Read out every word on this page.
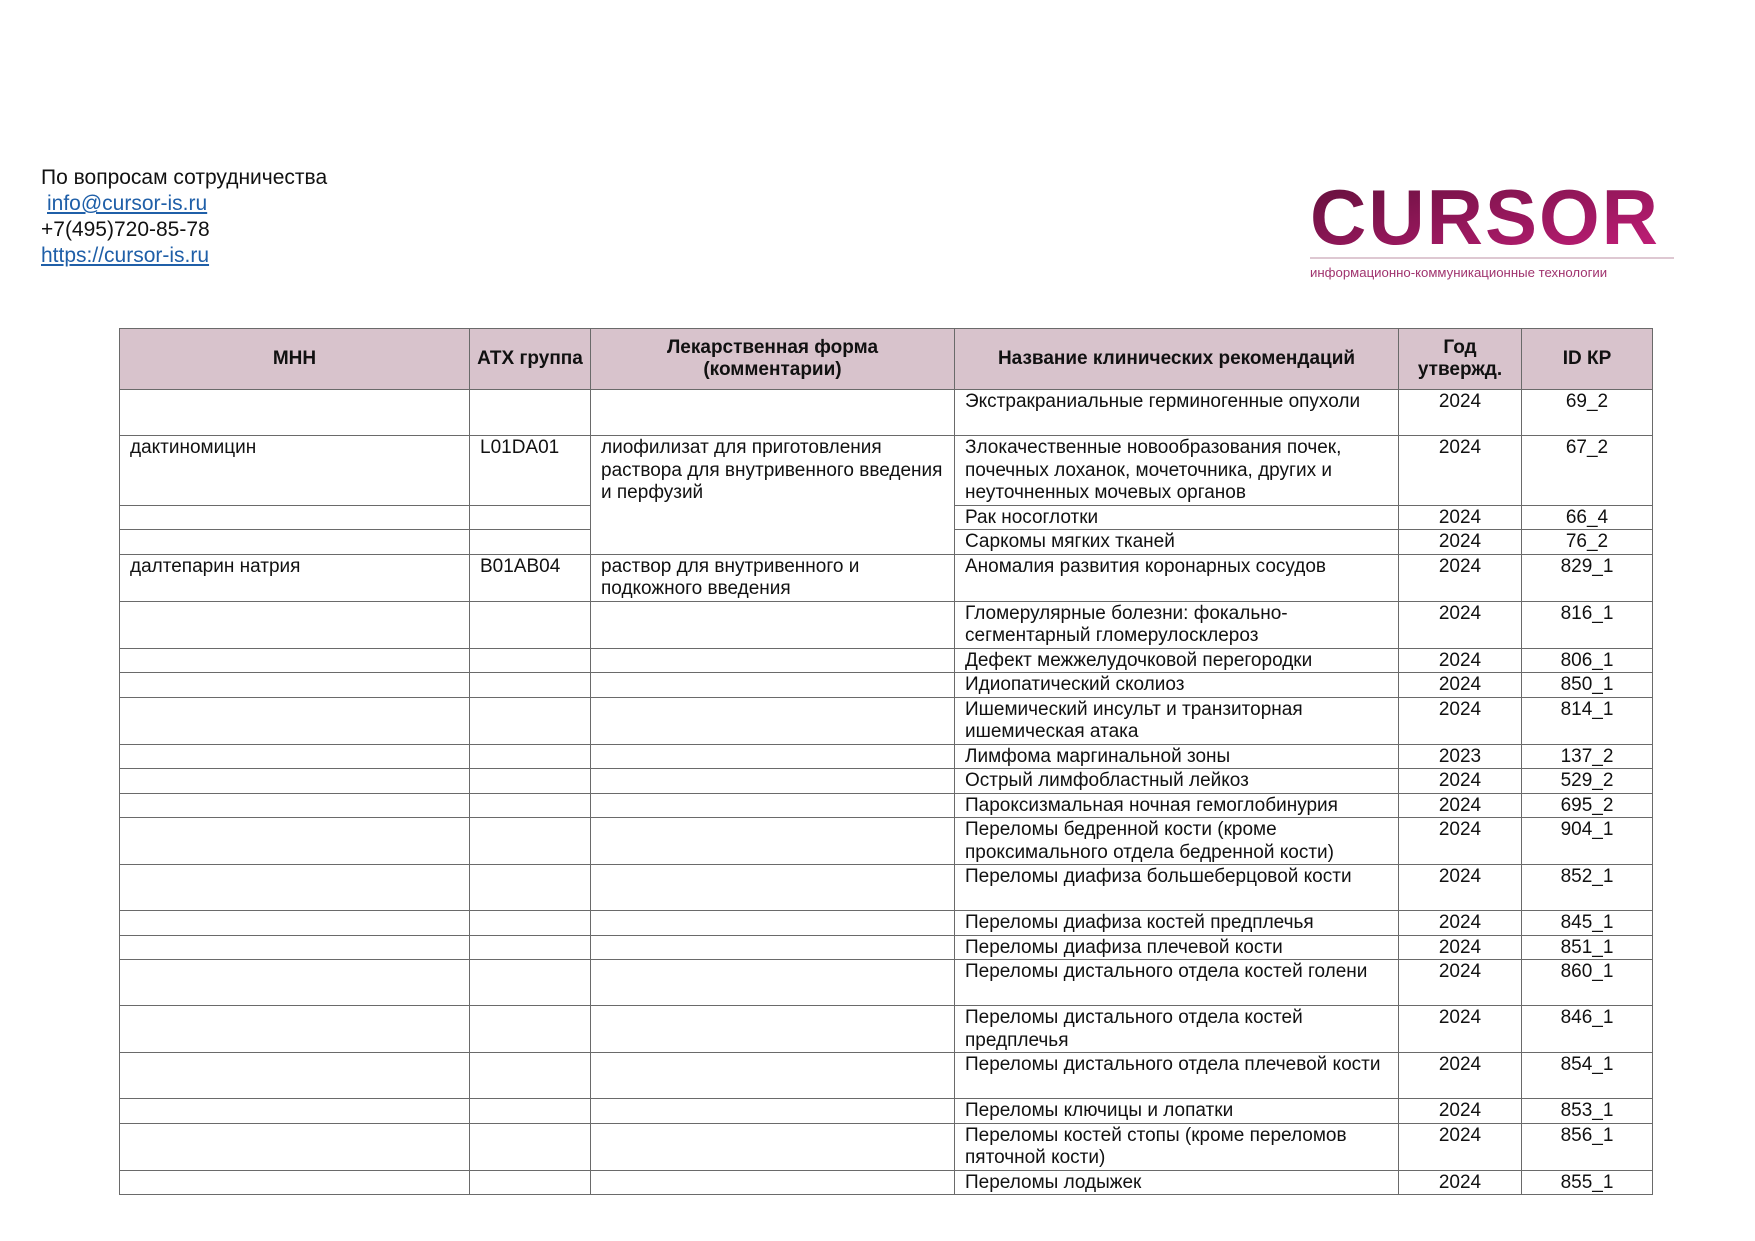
По вопросам сотрудничества
info@cursor-is.ru
+7(495)720-85-78
https://cursor-is.ru	CURSOR
информационно-коммуникационные технологии
МНН	АТХ группа	Лекарственная форма (комментарии)	Название клинических рекомендаций	Год утвержд.	ID КР
			Экстракраниальные герминогенные опухоли	2024	69_2
дактиномицин	L01DA01	лиофилизат для приготовления раствора для внутривенного введения и перфузий	Злокачественные новообразования почек, почечных лоханок, мочеточника, других и неуточненных мочевых органов	2024	67_2
			Рак носоглотки	2024	66_4
			Саркомы мягких тканей	2024	76_2
далтепарин натрия	B01AB04	раствор для внутривенного и подкожного введения	Аномалия развития коронарных сосудов	2024	829_1
			Гломерулярные болезни: фокально-сегментарный гломерулосклероз	2024	816_1
			Дефект межжелудочковой перегородки	2024	806_1
			Идиопатический сколиоз	2024	850_1
			Ишемический инсульт и транзиторная ишемическая атака	2024	814_1
			Лимфома маргинальной зоны	2023	137_2
			Острый лимфобластный лейкоз	2024	529_2
			Пароксизмальная ночная гемоглобинурия	2024	695_2
			Переломы бедренной кости (кроме проксимального отдела бедренной кости)	2024	904_1
			Переломы диафиза большеберцовой кости	2024	852_1
			Переломы диафиза костей предплечья	2024	845_1
			Переломы диафиза плечевой кости	2024	851_1
			Переломы дистального отдела костей голени	2024	860_1
			Переломы дистального отдела костей предплечья	2024	846_1
			Переломы дистального отдела плечевой кости	2024	854_1
			Переломы ключицы и лопатки	2024	853_1
			Переломы костей стопы (кроме переломов пяточной кости)	2024	856_1
			Переломы лодыжек	2024	855_1
